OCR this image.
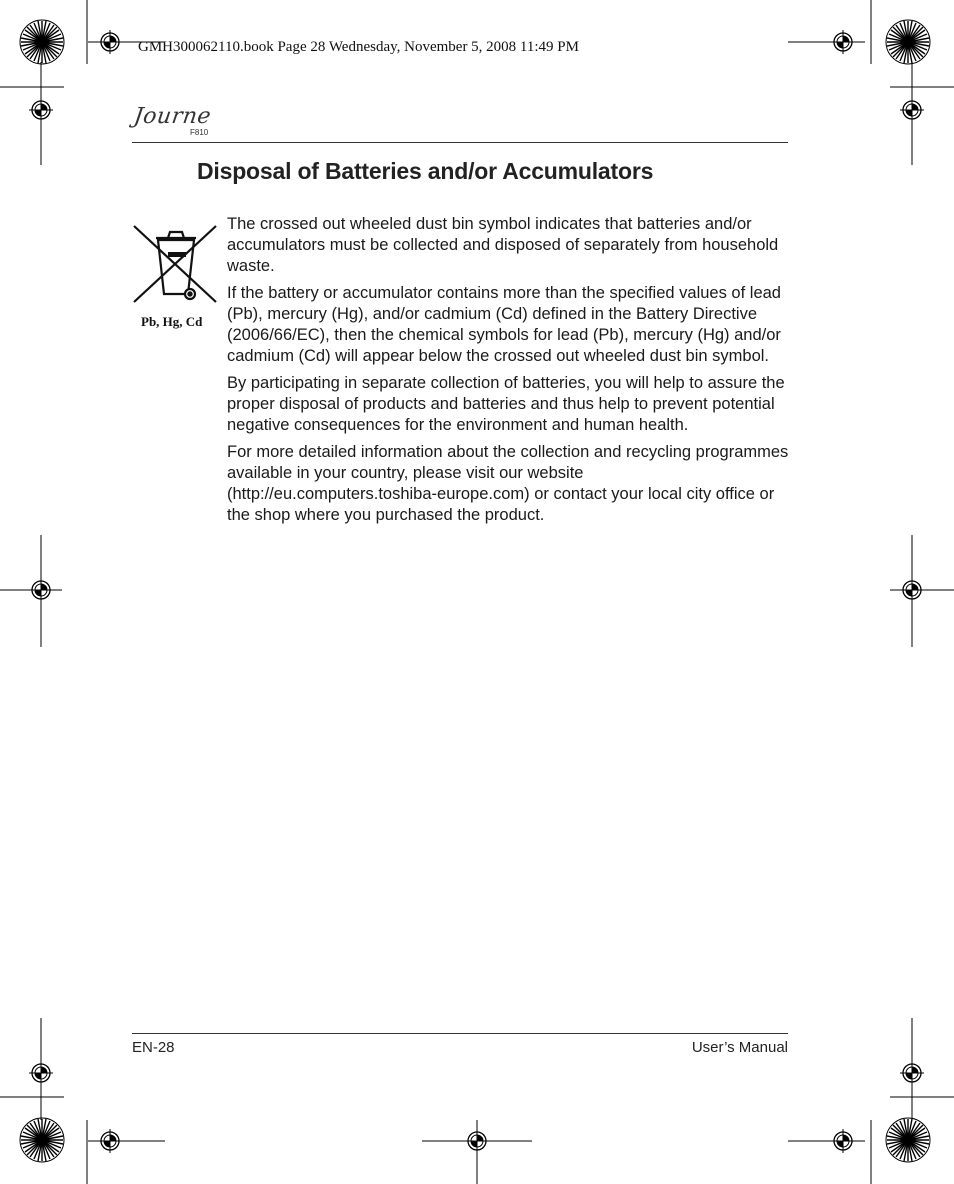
GMH300062110.book Page 28 Wednesday, November 5, 2008 11:49 PM
Journe
F810
Disposal of Batteries and/or Accumulators
Pb, Hg, Cd

The crossed out wheeled dust bin symbol indicates that batteries and/or accumulators must be collected and disposed of separately from household waste.

If the battery or accumulator contains more than the specified values of lead (Pb), mercury (Hg), and/or cadmium (Cd) defined in the Battery Directive (2006/66/EC), then the chemical symbols for lead (Pb), mercury (Hg) and/or cadmium (Cd) will appear below the crossed out wheeled dust bin symbol.

By participating in separate collection of batteries, you will help to assure the proper disposal of products and batteries and thus help to prevent potential negative consequences for the environment and human health.

For more detailed information about the collection and recycling programmes available in your country, please visit our website (http://eu.computers.toshiba-europe.com) or contact your local city office or the shop where you purchased the product.

EN-28	User’s Manual
